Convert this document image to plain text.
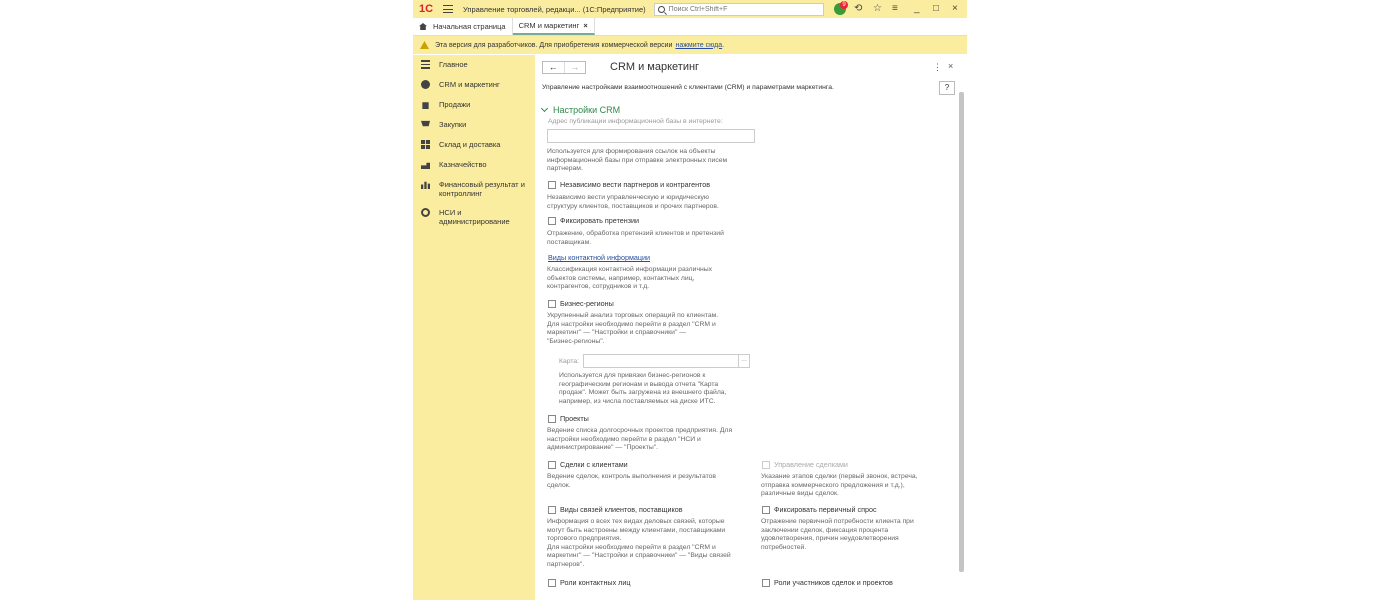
1С	Управление торговлей, редакци... (1С:Предприятие)
Поиск Ctrl+Shift+F	9 ⟲ ☆ ≡ _ □ ×
Начальная страница CRM и маркетинг ×
Эта версия для разработчиков. Для приобретения коммерческой версии нажмите сюда .
Главное
CRM и маркетинг
Продажи
Закупки
Склад и доставка
Казначейство
Финансовый результат и контроллинг
НСИ и администрирование
←	→	CRM и маркетинг	⋮ ×
?
Управление настройками взаимоотношений с клиентами (CRM) и параметрами маркетинга.
Настройки CRM
Адрес публикации информационной базы в интернете:
Используется для формирования ссылок на объекты
информационной базы при отправке электронных писем
партнерам.
Независимо вести партнеров и контрагентов
Независимо вести управленческую и юридическую
структуру клиентов, поставщиков и прочих партнеров.
Фиксировать претензии
Отражение, обработка претензий клиентов и претензий
поставщикам.
Виды контактной информации
Классификация контактной информации различных
объектов системы, например, контактных лиц,
контрагентов, сотрудников и т.д.
Бизнес-регионы
Укрупненный анализ торговых операций по клиентам.
Для настройки необходимо перейти в раздел "CRM и
маркетинг" — "Настройки и справочники" —
"Бизнес-регионы".
Карта:	...
Используется для привязки бизнес-регионов к
географическим регионам и вывода отчета "Карта
продаж". Может быть загружена из внешнего файла,
например, из числа поставляемых на диске ИТС.
Проекты
Ведение списка долгосрочных проектов предприятия. Для
настройки необходимо перейти в раздел "НСИ и
администрирование" — "Проекты".
Сделки с клиентами
Ведение сделок, контроль выполнения и результатов
сделок.
Управление сделками
Указание этапов сделки (первый звонок, встреча,
отправка коммерческого предложения и т.д.),
различные виды сделок.
Виды связей клиентов, поставщиков
Информация о всех тех видах деловых связей, которые
могут быть настроены между клиентами, поставщиками
торгового предприятия.
Для настройки необходимо перейти в раздел "CRM и
маркетинг" — "Настройки и справочники" — "Виды связей
партнеров".
Фиксировать первичный спрос
Отражение первичной потребности клиента при
заключении сделок, фиксация процента
удовлетворения, причин неудовлетворения
потребностей.
Роли контактных лиц	Роли участников сделок и проектов
